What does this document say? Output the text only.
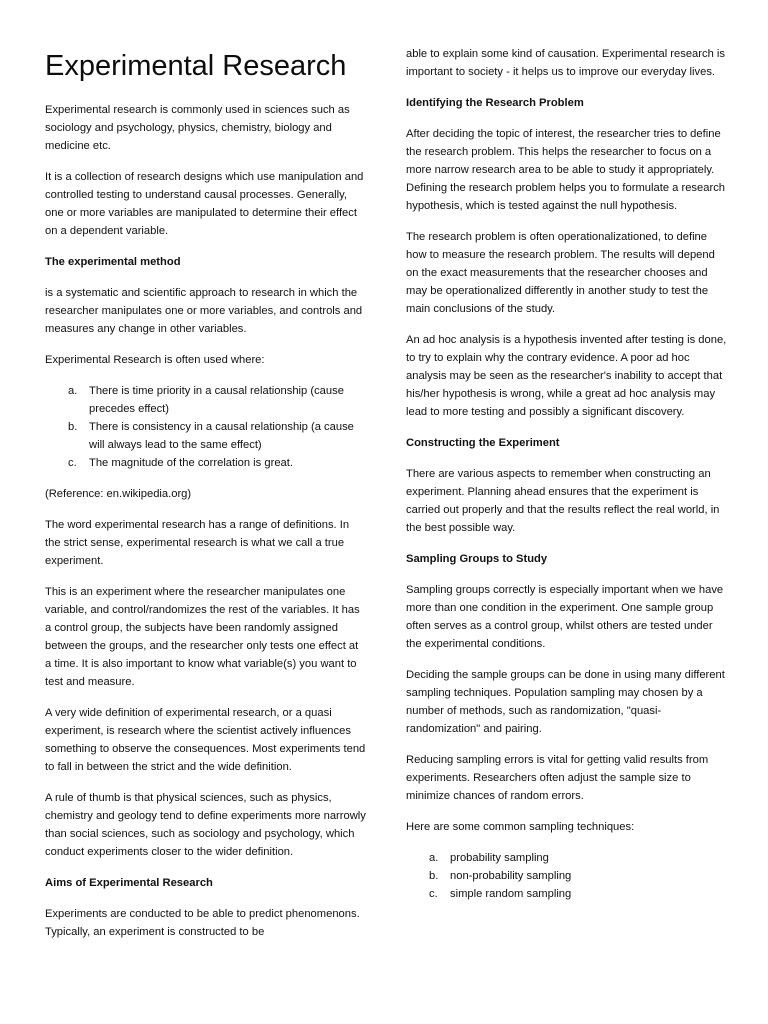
Experimental Research

Experimental research is commonly used in sciences such as sociology and psychology, physics, chemistry, biology and medicine etc.

It is a collection of research designs which use manipulation and controlled testing to understand causal processes. Generally, one or more variables are manipulated to determine their effect on a dependent variable.

The experimental method

is a systematic and scientific approach to research in which the researcher manipulates one or more variables, and controls and measures any change in other variables.

Experimental Research is often used where:

a. There is time priority in a causal relationship (cause precedes effect)
b. There is consistency in a causal relationship (a cause will always lead to the same effect)
c. The magnitude of the correlation is great.

(Reference: en.wikipedia.org)

The word experimental research has a range of definitions. In the strict sense, experimental research is what we call a true experiment.

This is an experiment where the researcher manipulates one variable, and control/randomizes the rest of the variables. It has a control group, the subjects have been randomly assigned between the groups, and the researcher only tests one effect at a time. It is also important to know what variable(s) you want to test and measure.

A very wide definition of experimental research, or a quasi experiment, is research where the scientist actively influences something to observe the consequences. Most experiments tend to fall in between the strict and the wide definition.

A rule of thumb is that physical sciences, such as physics, chemistry and geology tend to define experiments more narrowly than social sciences, such as sociology and psychology, which conduct experiments closer to the wider definition.

Aims of Experimental Research

Experiments are conducted to be able to predict phenomenons. Typically, an experiment is constructed to be

able to explain some kind of causation. Experimental research is important to society - it helps us to improve our everyday lives.

Identifying the Research Problem

After deciding the topic of interest, the researcher tries to define the research problem. This helps the researcher to focus on a more narrow research area to be able to study it appropriately. Defining the research problem helps you to formulate a research hypothesis, which is tested against the null hypothesis.

The research problem is often operationalizationed, to define how to measure the research problem. The results will depend on the exact measurements that the researcher chooses and may be operationalized differently in another study to test the main conclusions of the study.

An ad hoc analysis is a hypothesis invented after testing is done, to try to explain why the contrary evidence. A poor ad hoc analysis may be seen as the researcher's inability to accept that his/her hypothesis is wrong, while a great ad hoc analysis may lead to more testing and possibly a significant discovery.

Constructing the Experiment

There are various aspects to remember when constructing an experiment. Planning ahead ensures that the experiment is carried out properly and that the results reflect the real world, in the best possible way.

Sampling Groups to Study

Sampling groups correctly is especially important when we have more than one condition in the experiment. One sample group often serves as a control group, whilst others are tested under the experimental conditions.

Deciding the sample groups can be done in using many different sampling techniques. Population sampling may chosen by a number of methods, such as randomization, "quasi-randomization" and pairing.

Reducing sampling errors is vital for getting valid results from experiments. Researchers often adjust the sample size to minimize chances of random errors.

Here are some common sampling techniques:

a. probability sampling
b. non-probability sampling
c. simple random sampling
